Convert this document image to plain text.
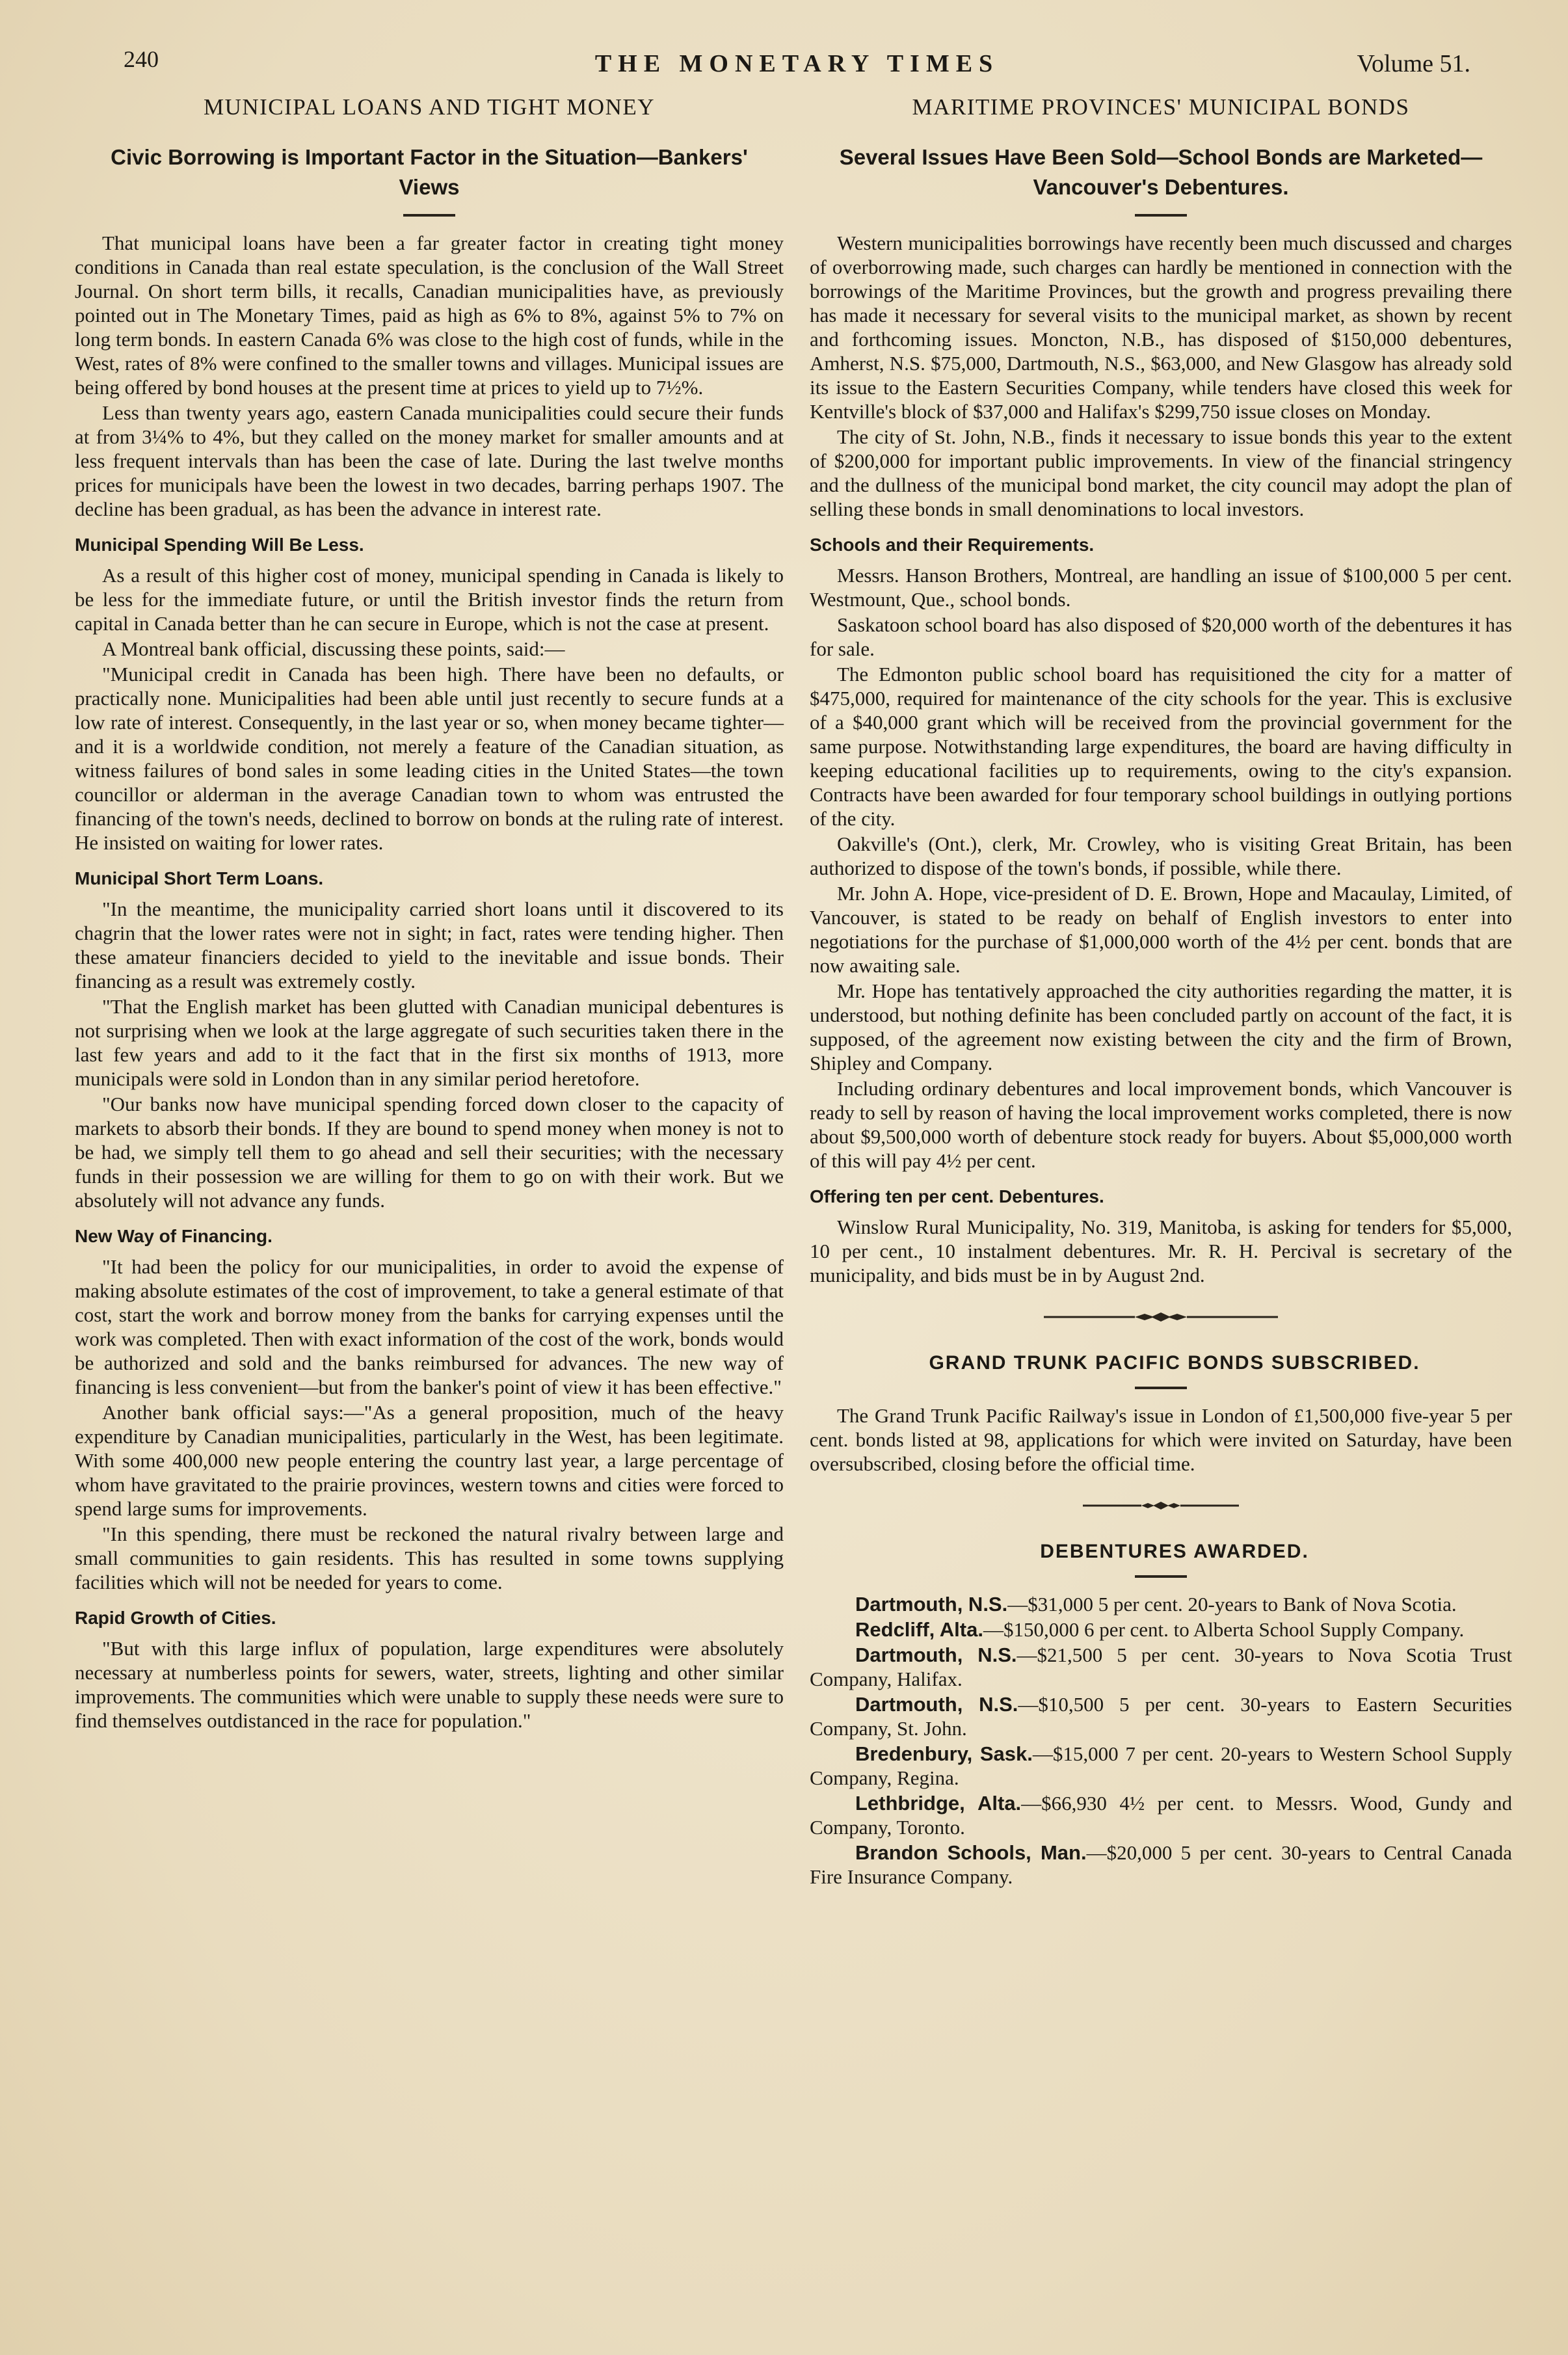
240	THE MONETARY TIMES	Volume 51.
MUNICIPAL LOANS AND TIGHT MONEY
Civic Borrowing is Important Factor in the Situation—Bankers' Views

That municipal loans have been a far greater factor in creating tight money conditions in Canada than real estate speculation, is the conclusion of the Wall Street Journal. On short term bills, it recalls, Canadian municipalities have, as previously pointed out in The Monetary Times, paid as high as 6% to 8%, against 5% to 7% on long term bonds. In eastern Canada 6% was close to the high cost of funds, while in the West, rates of 8% were confined to the smaller towns and villages. Municipal issues are being offered by bond houses at the present time at prices to yield up to 7½%.

Less than twenty years ago, eastern Canada municipalities could secure their funds at from 3¼% to 4%, but they called on the money market for smaller amounts and at less frequent intervals than has been the case of late. During the last twelve months prices for municipals have been the lowest in two decades, barring perhaps 1907. The decline has been gradual, as has been the advance in interest rate.

Municipal Spending Will Be Less.

As a result of this higher cost of money, municipal spending in Canada is likely to be less for the immediate future, or until the British investor finds the return from capital in Canada better than he can secure in Europe, which is not the case at present.

A Montreal bank official, discussing these points, said:—

"Municipal credit in Canada has been high. There have been no defaults, or practically none. Municipalities had been able until just recently to secure funds at a low rate of interest. Consequently, in the last year or so, when money became tighter—and it is a worldwide condition, not merely a feature of the Canadian situation, as witness failures of bond sales in some leading cities in the United States—the town councillor or alderman in the average Canadian town to whom was entrusted the financing of the town's needs, declined to borrow on bonds at the ruling rate of interest. He insisted on waiting for lower rates.

Municipal Short Term Loans.

"In the meantime, the municipality carried short loans until it discovered to its chagrin that the lower rates were not in sight; in fact, rates were tending higher. Then these amateur financiers decided to yield to the inevitable and issue bonds. Their financing as a result was extremely costly.

"That the English market has been glutted with Canadian municipal debentures is not surprising when we look at the large aggregate of such securities taken there in the last few years and add to it the fact that in the first six months of 1913, more municipals were sold in London than in any similar period heretofore.

"Our banks now have municipal spending forced down closer to the capacity of markets to absorb their bonds. If they are bound to spend money when money is not to be had, we simply tell them to go ahead and sell their securities; with the necessary funds in their possession we are willing for them to go on with their work. But we absolutely will not advance any funds.

New Way of Financing.

"It had been the policy for our municipalities, in order to avoid the expense of making absolute estimates of the cost of improvement, to take a general estimate of that cost, start the work and borrow money from the banks for carrying expenses until the work was completed. Then with exact information of the cost of the work, bonds would be authorized and sold and the banks reimbursed for advances. The new way of financing is less convenient—but from the banker's point of view it has been effective."

Another bank official says:—"As a general proposition, much of the heavy expenditure by Canadian municipalities, particularly in the West, has been legitimate. With some 400,000 new people entering the country last year, a large percentage of whom have gravitated to the prairie provinces, western towns and cities were forced to spend large sums for improvements.

"In this spending, there must be reckoned the natural rivalry between large and small communities to gain residents. This has resulted in some towns supplying facilities which will not be needed for years to come.

Rapid Growth of Cities.

"But with this large influx of population, large expenditures were absolutely necessary at numberless points for sewers, water, streets, lighting and other similar improvements. The communities which were unable to supply these needs were sure to find themselves outdistanced in the race for population."

MARITIME PROVINCES' MUNICIPAL BONDS
Several Issues Have Been Sold—School Bonds are Marketed—Vancouver's Debentures.

Western municipalities borrowings have recently been much discussed and charges of overborrowing made, such charges can hardly be mentioned in connection with the borrowings of the Maritime Provinces, but the growth and progress prevailing there has made it necessary for several visits to the municipal market, as shown by recent and forthcoming issues. Moncton, N.B., has disposed of $150,000 debentures, Amherst, N.S. $75,000, Dartmouth, N.S., $63,000, and New Glasgow has already sold its issue to the Eastern Securities Company, while tenders have closed this week for Kentville's block of $37,000 and Halifax's $299,750 issue closes on Monday.

The city of St. John, N.B., finds it necessary to issue bonds this year to the extent of $200,000 for important public improvements. In view of the financial stringency and the dullness of the municipal bond market, the city council may adopt the plan of selling these bonds in small denominations to local investors.

Schools and their Requirements.

Messrs. Hanson Brothers, Montreal, are handling an issue of $100,000 5 per cent. Westmount, Que., school bonds.

Saskatoon school board has also disposed of $20,000 worth of the debentures it has for sale.

The Edmonton public school board has requisitioned the city for a matter of $475,000, required for maintenance of the city schools for the year. This is exclusive of a $40,000 grant which will be received from the provincial government for the same purpose. Notwithstanding large expenditures, the board are having difficulty in keeping educational facilities up to requirements, owing to the city's expansion. Contracts have been awarded for four temporary school buildings in outlying portions of the city.

Oakville's (Ont.), clerk, Mr. Crowley, who is visiting Great Britain, has been authorized to dispose of the town's bonds, if possible, while there.

Mr. John A. Hope, vice-president of D. E. Brown, Hope and Macaulay, Limited, of Vancouver, is stated to be ready on behalf of English investors to enter into negotiations for the purchase of $1,000,000 worth of the 4½ per cent. bonds that are now awaiting sale.

Mr. Hope has tentatively approached the city authorities regarding the matter, it is understood, but nothing definite has been concluded partly on account of the fact, it is supposed, of the agreement now existing between the city and the firm of Brown, Shipley and Company.

Including ordinary debentures and local improvement bonds, which Vancouver is ready to sell by reason of having the local improvement works completed, there is now about $9,500,000 worth of debenture stock ready for buyers. About $5,000,000 worth of this will pay 4½ per cent.

Offering ten per cent. Debentures.

Winslow Rural Municipality, No. 319, Manitoba, is asking for tenders for $5,000, 10 per cent., 10 instalment debentures. Mr. R. H. Percival is secretary of the municipality, and bids must be in by August 2nd.

GRAND TRUNK PACIFIC BONDS SUBSCRIBED.

The Grand Trunk Pacific Railway's issue in London of £1,500,000 five-year 5 per cent. bonds listed at 98, applications for which were invited on Saturday, have been oversubscribed, closing before the official time.

DEBENTURES AWARDED.

Dartmouth, N.S.—$31,000 5 per cent. 20-years to Bank of Nova Scotia.

Redcliff, Alta.—$150,000 6 per cent. to Alberta School Supply Company.

Dartmouth, N.S.—$21,500 5 per cent. 30-years to Nova Scotia Trust Company, Halifax.

Dartmouth, N.S.—$10,500 5 per cent. 30-years to Eastern Securities Company, St. John.

Bredenbury, Sask.—$15,000 7 per cent. 20-years to Western School Supply Company, Regina.

Lethbridge, Alta.—$66,930 4½ per cent. to Messrs. Wood, Gundy and Company, Toronto.

Brandon Schools, Man.—$20,000 5 per cent. 30-years to Central Canada Fire Insurance Company.
